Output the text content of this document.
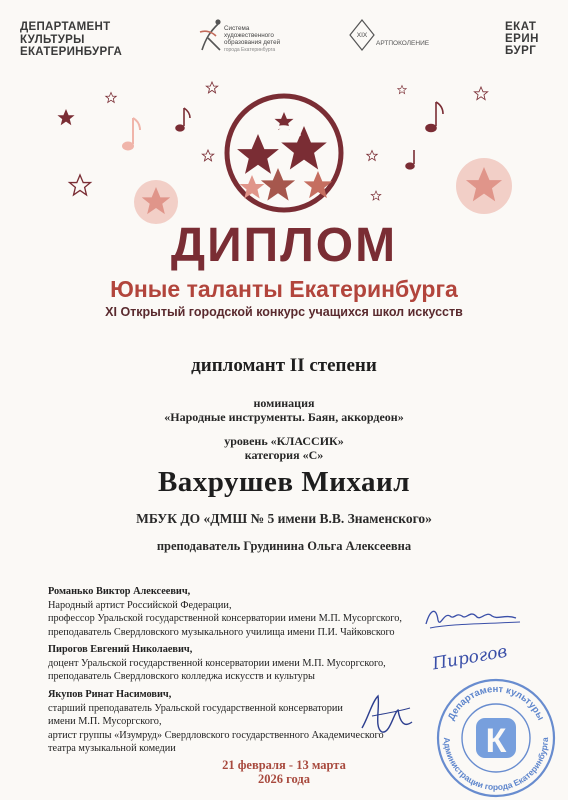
ДЕПАРТАМЕНТ
КУЛЬТУРЫ
ЕКАТЕРИНБУРГА
Система
художественного
образования детей
города Екатеринбурга
XIX
АРТПОКОЛЕНИЕ
ЕКАТ
ЕРИН
БУРГ
ДИПЛОМ
Юные таланты Екатеринбурга
XI Открытый городской конкурс учащихся школ искусств
дипломант II степени
номинация
«Народные инструменты. Баян, аккордеон»
уровень «КЛАССИК»
категория «С»
Вахрушев Михаил
МБУК ДО «ДМШ № 5 имени В.В. Знаменского»
преподаватель Грудинина Ольга Алексеевна
Романько Виктор Алексеевич,
Народный артист Российской Федерации,
профессор Уральской государственной консерватории имени М.П. Мусоргского,
преподаватель Свердловского музыкального училища имени П.И. Чайковского
Пирогов Евгений Николаевич,
доцент Уральской государственной консерватории имени М.П. Мусоргского,
преподаватель Свердловского колледжа искусств и культуры
Якупов Ринат Насимович,
старший преподаватель Уральской государственной консерватории
имени М.П. Мусоргского,
артист группы «Изумруд» Свердловского государственного Академического
театра музыкальной комедии
Пирогов
Департамент культуры
Администрации города Екатеринбурга
К
21 февраля - 13 марта
2026 года
